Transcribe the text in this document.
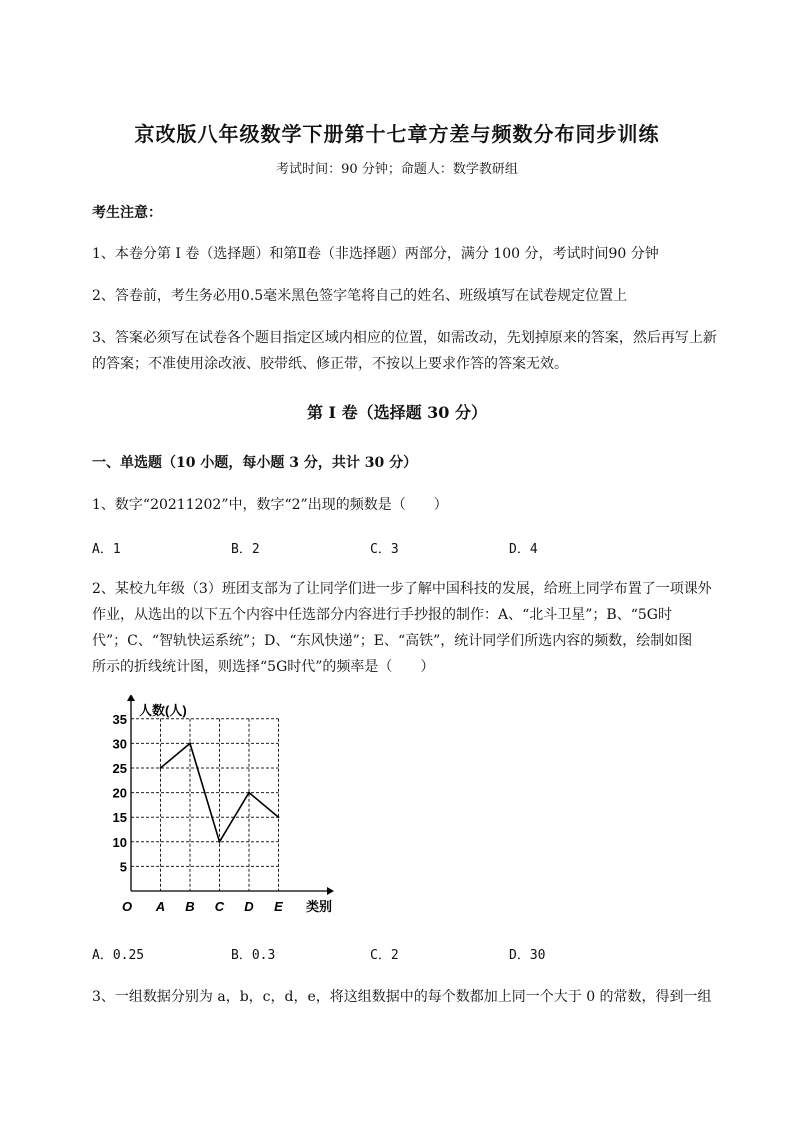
京改版八年级数学下册第十七章方差与频数分布同步训练
考试时间：90 分钟；命题人：数学教研组
考生注意：
1、本卷分第 I 卷（选择题）和第Ⅱ卷（非选择题）两部分，满分 100 分，考试时间90 分钟
2、答卷前，考生务必用0.5毫米黑色签字笔将自己的姓名、班级填写在试卷规定位置上
3、答案必须写在试卷各个题目指定区域内相应的位置，如需改动，先划掉原来的答案，然后再写上新
的答案；不准使用涂改液、胶带纸、修正带，不按以上要求作答的答案无效。
第 I 卷（选择题 30 分）
一、单选题（10 小题，每小题 3 分，共计 30 分）
1、数字“20211202”中，数字“2”出现的频数是（　　）
A．1	B．2	C．3	D．4
2、某校九年级（3）班团支部为了让同学们进一步了解中国科技的发展，给班上同学布置了一项课外
作业，从选出的以下五个内容中任选部分内容进行手抄报的制作：A、“北斗卫星”；B、“5G时
代”；C、“智轨快运系统”；D、“东风快递”；E、“高铁”，统计同学们所选内容的频数，绘制如图
所示的折线统计图，则选择“5G时代”的频率是（　　）
5
10
15
20
25
30
35
O A B C D E
人数(人)
类别
A．0.25	B．0.3	C．2	D．30
3、一组数据分别为 a，b，c，d，e，将这组数据中的每个数都加上同一个大于 0 的常数，得到一组
